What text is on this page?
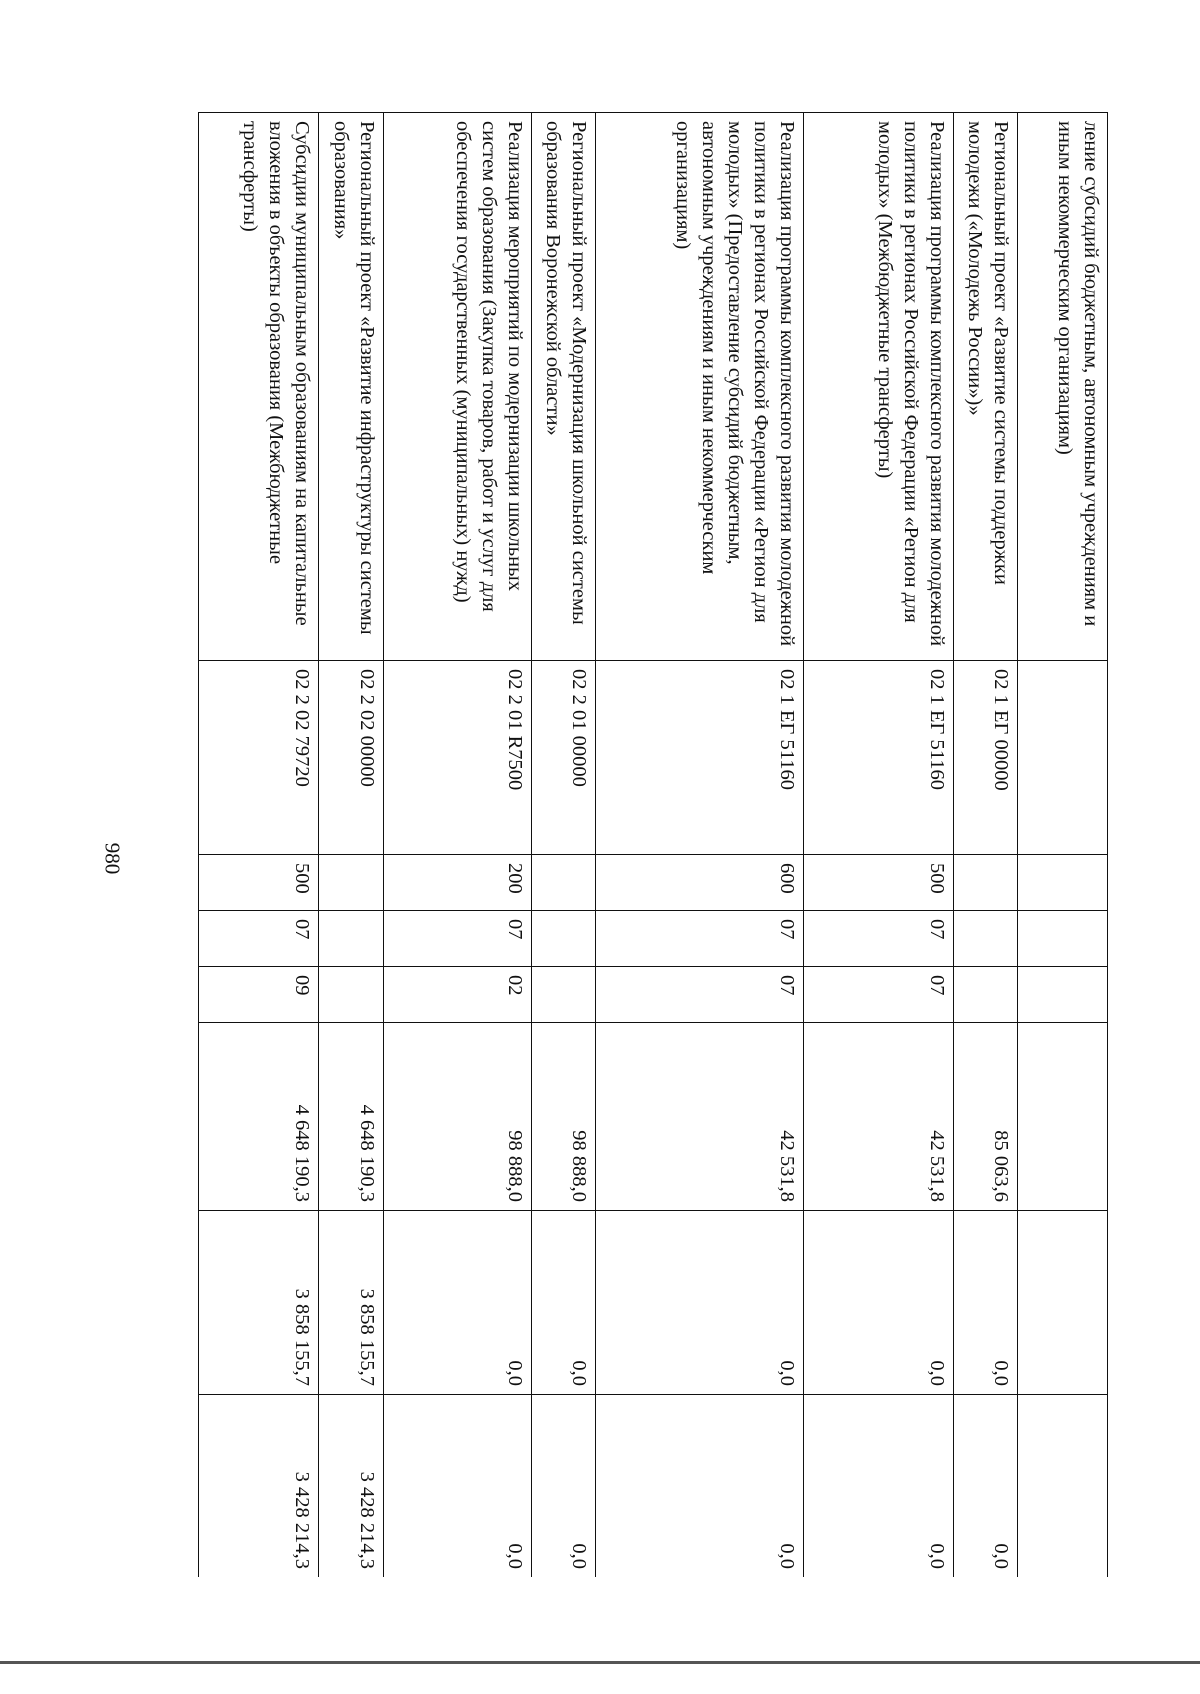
980
ление субсидий бюджетным, автономным учреждениям и иным некоммерческим организациям)							
Региональный проект «Развитие системы поддержки молодежи («Молодежь России»)»	02 1 ЕГ 00000				85 063,6	0,0	0,0
Реализация программы комплексного развития молодежной политики в регионах Российской Федерации «Регион для молодых» (Межбюджетные трансферты)	02 1 ЕГ 51160	500	07	07	42 531,8	0,0	0,0
Реализация программы комплексного развития молодежной политики в регионах Российской Федерации «Регион для молодых» (Предоставление субсидий бюджетным, автономным учреждениям и иным некоммерческим организациям)	02 1 ЕГ 51160	600	07	07	42 531,8	0,0	0,0
Региональный проект «Модернизация школьной системы образования Воронежской области»	02 2 01 00000				98 888,0	0,0	0,0
Реализация мероприятий по модернизации школьных систем образования (Закупка товаров, работ и услуг для обеспечения государственных (муниципальных) нужд)	02 2 01 R7500	200	07	02	98 888,0	0,0	0,0
Региональный проект «Развитие инфраструктуры системы образования»	02 2 02 00000				4 648 190,3	3 858 155,7	3 428 214,3
Субсидии муниципальным образованиям на капитальные вложения в объекты образования (Межбюджетные трансферты)	02 2 02 79720	500	07	09	4 648 190,3	3 858 155,7	3 428 214,3
